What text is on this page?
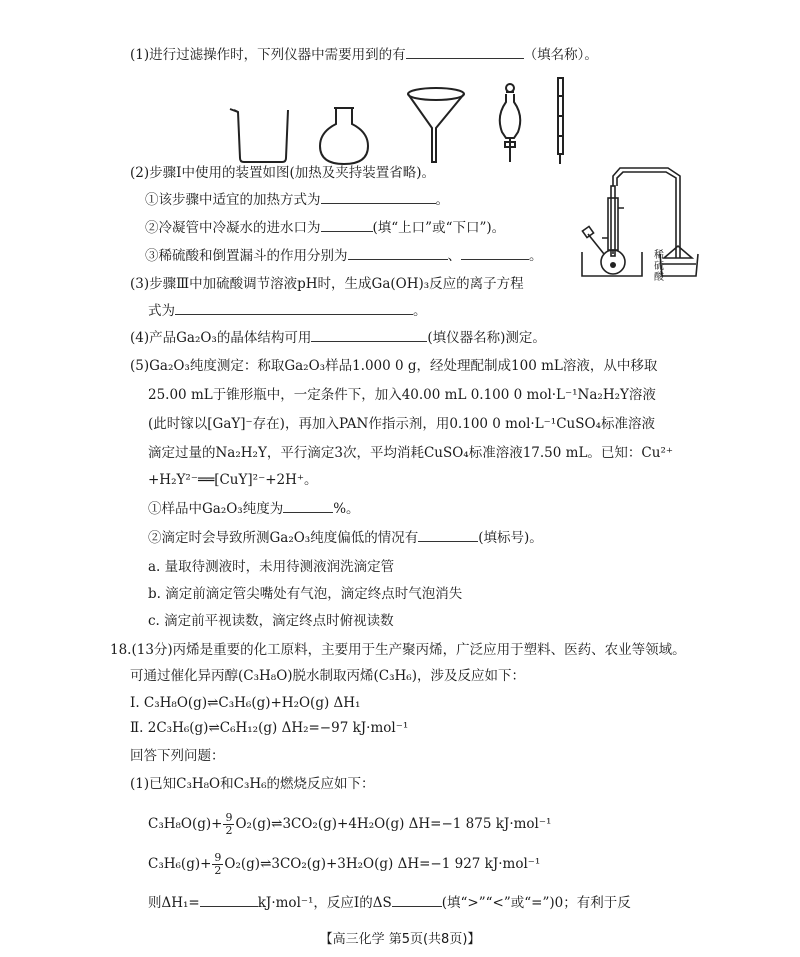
(1)进行过滤操作时，下列仪器中需要用到的有	（填名称）。
(2)步骤Ⅰ中使用的装置如图(加热及夹持装置省略)。
①该步骤中适宜的加热方式为	。
②冷凝管中冷凝水的进水口为	(填“上口”或“下口”)。
③稀硫酸和倒置漏斗的作用分别为	、	。	稀硫酸
(3)步骤Ⅲ中加硫酸调节溶液pH时，生成Ga(OH)₃反应的离子方程
式为	。
(4)产品Ga₂O₃的晶体结构可用	(填仪器名称)测定。
(5)Ga₂O₃纯度测定：称取Ga₂O₃样品1.000 0 g，经处理配制成100 mL溶液，从中移取
25.00 mL于锥形瓶中，一定条件下，加入40.00 mL 0.100 0 mol·L⁻¹Na₂H₂Y溶液
(此时镓以[GaY]⁻存在)，再加入PAN作指示剂，用0.100 0 mol·L⁻¹CuSO₄标准溶液
滴定过量的Na₂H₂Y，平行滴定3次，平均消耗CuSO₄标准溶液17.50 mL。已知：Cu²⁺
+H₂Y²⁻══[CuY]²⁻+2H⁺。
①样品中Ga₂O₃纯度为	%。
②滴定时会导致所测Ga₂O₃纯度偏低的情况有	(填标号)。
a. 量取待测液时，未用待测液润洗滴定管
b. 滴定前滴定管尖嘴处有气泡，滴定终点时气泡消失
c. 滴定前平视读数，滴定终点时俯视读数
18.(13分)丙烯是重要的化工原料，主要用于生产聚丙烯，广泛应用于塑料、医药、农业等领域。
可通过催化异丙醇(C₃H₈O)脱水制取丙烯(C₃H₆)，涉及反应如下：
Ⅰ. C₃H₈O(g)⇌C₃H₆(g)+H₂O(g) ΔH₁
Ⅱ. 2C₃H₆(g)⇌C₆H₁₂(g) ΔH₂=−97 kJ·mol⁻¹
回答下列问题：
(1)已知C₃H₈O和C₃H₆的燃烧反应如下：
$C_3H_8O(g)+ \frac{9}{2}$ O₂(g)⇌3CO₂(g)+4H₂O(g) ΔH=−1 875 kJ·mol⁻¹
$C_3H_6(g)+ \frac{9}{2}$ O₂(g)⇌3CO₂(g)+3H₂O(g) ΔH=−1 927 kJ·mol⁻¹
则ΔH₁=	kJ·mol⁻¹，反应Ⅰ的ΔS	(填“>”“<”或“=”)0；有利于反
【高三化学 第5页(共8页)】
